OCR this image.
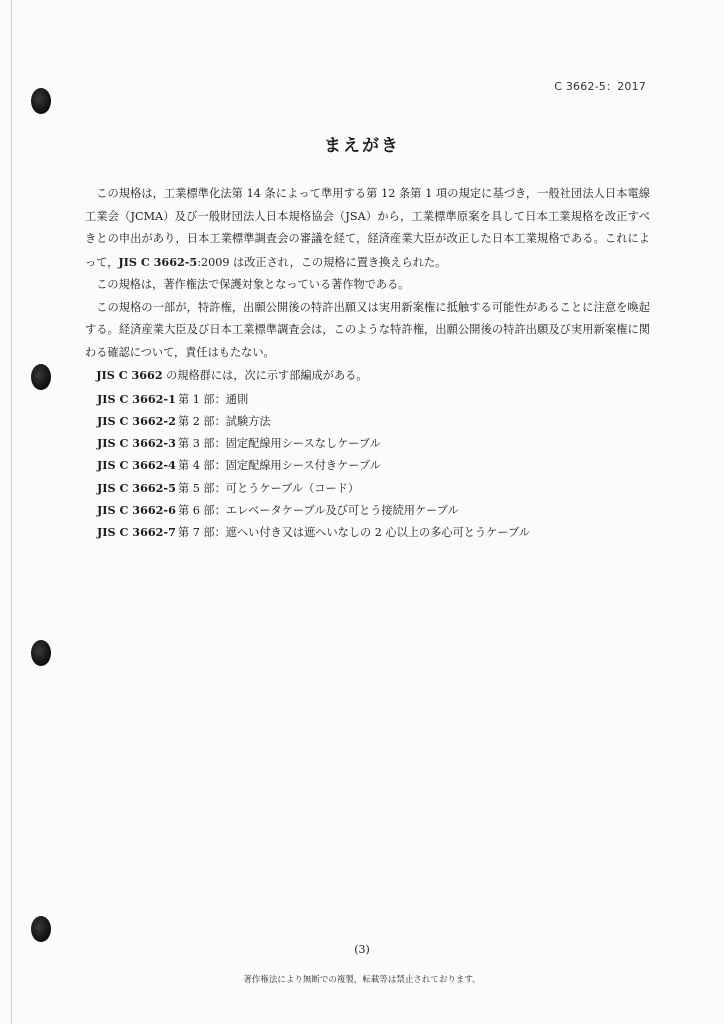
C 3662-5：2017
まえがき

この規格は，工業標準化法第 14 条によって準用する第 12 条第 1 項の規定に基づき，一般社団法人日本電線工業会（JCMA）及び一般財団法人日本規格協会（JSA）から，工業標準原案を具して日本工業規格を改正すべきとの申出があり，日本工業標準調査会の審議を経て，経済産業大臣が改正した日本工業規格である。これによって，JIS C 3662-5:2009 は改正され，この規格に置き換えられた。

この規格は，著作権法で保護対象となっている著作物である。

この規格の一部が，特許権，出願公開後の特許出願又は実用新案権に抵触する可能性があることに注意を喚起する。経済産業大臣及び日本工業標準調査会は，このような特許権，出願公開後の特許出願及び実用新案権に関わる確認について，責任はもたない。

JIS C 3662 の規格群には，次に示す部編成がある。

JIS C 3662-1 第 1 部：通則
JIS C 3662-2 第 2 部：試験方法
JIS C 3662-3 第 3 部：固定配線用シースなしケーブル
JIS C 3662-4 第 4 部：固定配線用シース付きケーブル
JIS C 3662-5 第 5 部：可とうケーブル（コード）
JIS C 3662-6 第 6 部：エレベータケーブル及び可とう接続用ケーブル
JIS C 3662-7 第 7 部：遮へい付き又は遮へいなしの 2 心以上の多心可とうケーブル
(3)
著作権法により無断での複製，転載等は禁止されております。
